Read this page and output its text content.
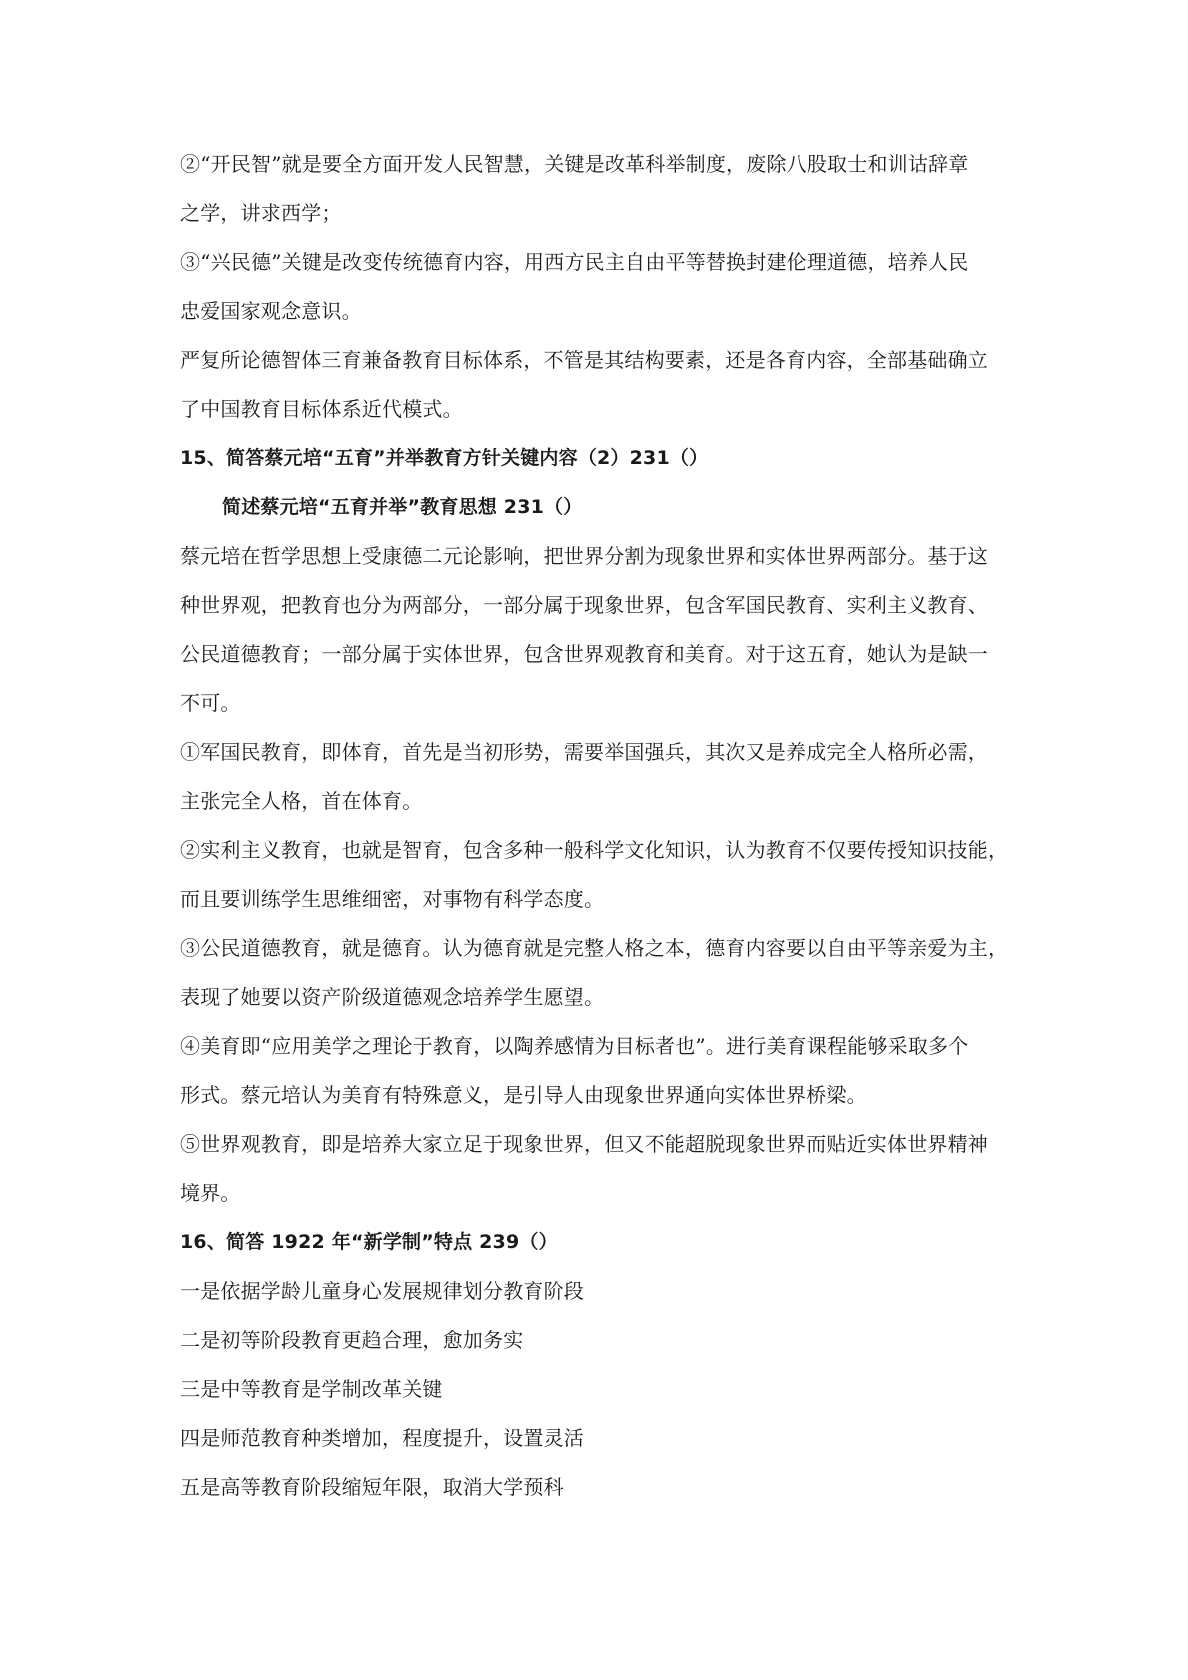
②“开民智”就是要全方面开发人民智慧，关键是改革科举制度，废除八股取士和训诂辞章
之学，讲求西学；
③“兴民德”关键是改变传统德育内容，用西方民主自由平等替换封建伦理道德，培养人民
忠爱国家观念意识。
严复所论德智体三育兼备教育目标体系，不管是其结构要素，还是各育内容，全部基础确立
了中国教育目标体系近代模式。
15、简答蔡元培“五育”并举教育方针关键内容（2）231（）
简述蔡元培“五育并举”教育思想 231（）
蔡元培在哲学思想上受康德二元论影响，把世界分割为现象世界和实体世界两部分。基于这
种世界观，把教育也分为两部分，一部分属于现象世界，包含军国民教育、实利主义教育、
公民道德教育；一部分属于实体世界，包含世界观教育和美育。对于这五育，她认为是缺一
不可。
①军国民教育，即体育，首先是当初形势，需要举国强兵，其次又是养成完全人格所必需，
主张完全人格，首在体育。
②实利主义教育，也就是智育，包含多种一般科学文化知识，认为教育不仅要传授知识技能，
而且要训练学生思维细密，对事物有科学态度。
③公民道德教育，就是德育。认为德育就是完整人格之本，德育内容要以自由平等亲爱为主，
表现了她要以资产阶级道德观念培养学生愿望。
④美育即“应用美学之理论于教育，以陶养感情为目标者也”。进行美育课程能够采取多个
形式。蔡元培认为美育有特殊意义，是引导人由现象世界通向实体世界桥梁。
⑤世界观教育，即是培养大家立足于现象世界，但又不能超脱现象世界而贴近实体世界精神
境界。
16、简答 1922 年“新学制”特点 239（）
一是依据学龄儿童身心发展规律划分教育阶段
二是初等阶段教育更趋合理，愈加务实
三是中等教育是学制改革关键
四是师范教育种类增加，程度提升，设置灵活
五是高等教育阶段缩短年限，取消大学预科
